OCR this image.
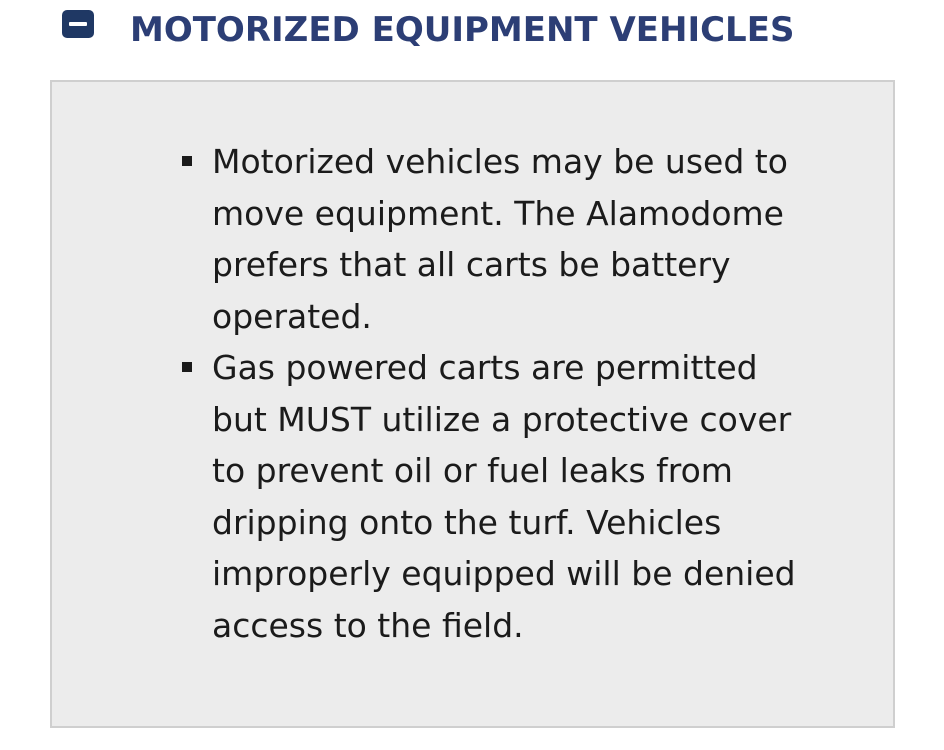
MOTORIZED EQUIPMENT VEHICLES
Motorized vehicles may be used to move equipment. The Alamodome prefers that all carts be battery operated.
Gas powered carts are permitted but MUST utilize a protective cover to prevent oil or fuel leaks from dripping onto the turf. Vehicles improperly equipped will be denied access to the field.
